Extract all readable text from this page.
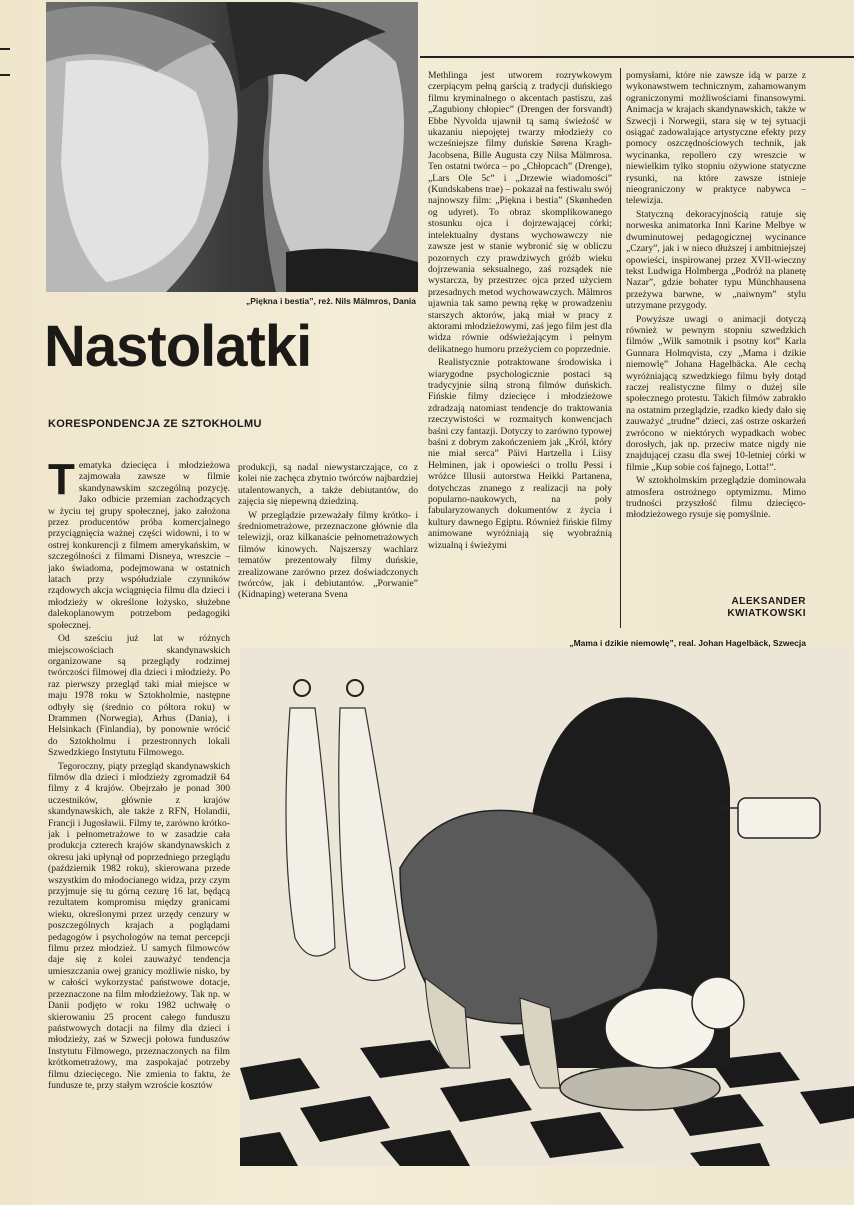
„Piękna i bestia”, reż. Nils Mälmros, Dania
Nastolatki
KORESPONDENCJA ZE SZTOKHOLMU

Tematyka dziecięca i młodzieżowa zajmowała zawsze w filmie skandynawskim szczególną pozycję. Jako odbicie przemian zachodzących w życiu tej grupy społecznej, jako założona przez producentów próba komercjalnego przyciągnięcia ważnej części widowni, i to w ostrej konkurencji z filmem amerykańskim, w szczególności z filmami Disneya, wreszcie – jako świadoma, podejmowana w ostatnich latach przy współudziale czynników rządowych akcja wciągnięcia filmu dla dzieci i młodzieży w określone łożysko, służebne dalekoplanowym potrzebom pedagogiki społecznej.

Od sześciu już lat w różnych miejscowościach skandynawskich organizowane są przeglądy rodzimej twórczości filmowej dla dzieci i młodzieży. Po raz pierwszy przegląd taki miał miejsce w maju 1978 roku w Sztokholmie, następne odbyły się (średnio co półtora roku) w Drammen (Norwegia), Arhus (Dania), i Helsinkach (Finlandia), by ponownie wrócić do Sztokholmu i przestronnych lokali Szwedzkiego Instytutu Filmowego.

Tegoroczny, piąty przegląd skandynawskich filmów dla dzieci i młodzieży zgromadził 64 filmy z 4 krajów. Obejrzało je ponad 300 uczestników, głównie z krajów skandynawskich, ale także z RFN, Holandii, Francji i Jugosławii. Filmy te, zarówno krótko- jak i pełnometrażowe to w zasadzie cała produkcja czterech krajów skandynawskich z okresu jaki upłynął od poprzedniego przeglądu (październik 1982 roku), skierowana przede wszystkim do młodocianego widza, przy czym przyjmuje się tu górną cezurę 16 lat, będącą rezultatem kompromisu między granicami wieku, określonymi przez urzędy cenzury w poszczególnych krajach a poglądami pedagogów i psychologów na temat percepcji filmu przez młodzież. U samych filmowców daje się z kolei zauważyć tendencja umieszczania owej granicy możliwie nisko, by w całości wykorzystać państwowe dotacje, przeznaczone na film młodzieżowy. Tak np. w Danii podjęto w roku 1982 uchwałę o skierowaniu 25 procent całego funduszu państwowych dotacji na filmy dla dzieci i młodzieży, zaś w Szwecji połowa funduszów Instytutu Filmowego, przeznaczonych na film krótkometrażowy, ma zaspokajać potrzeby filmu dziecięcego. Nie zmienia to faktu, że fundusze te, przy stałym wzroście kosztów

produkcji, są nadal niewystarczające, co z kolei nie zachęca zbytnio twórców najbardziej utalentowanych, a także debiutantów, do zajęcia się niepewną dziedziną.

W przeglądzie przeważały filmy krótko- i średniometrażowe, przeznaczone głównie dla telewizji, oraz kilkanaście pełnometrażowych filmów kinowych. Najszerszy wachlarz tematów prezentowały filmy duńskie, zrealizowane zarówno przez doświadczonych twórców, jak i debiutantów. „Porwanie” (Kidnaping) weterana Svena

Methlinga jest utworem rozrywkowym czerpiącym pełną garścią z tradycji duńskiego filmu kryminalnego o akcentach pastiszu, zaś „Zagubiony chłopiec” (Drengen der forsvandt) Ebbe Nyvolda ujawnił tą samą świeżość w ukazaniu niepojętej twarzy młodzieży co wcześniejsze filmy duńskie Sørena Kragh-Jacobsena, Bille Augusta czy Nilsa Mälmrosa. Ten ostatni twórca – po „Chłopcach” (Drenge), „Lars Ole 5c” i „Drzewie wiadomości” (Kundskabens trae) – pokazał na festiwalu swój najnowszy film: „Piękna i bestia” (Skønheden og udyret). To obraz skomplikowanego stosunku ojca i dojrzewającej córki; intelektualny dystans wychowawczy nie zawsze jest w stanie wybronić się w obliczu pozornych czy prawdziwych gróźb wieku dojrzewania seksualnego, zaś rozsądek nie wystarcza, by przestrzec ojca przed użyciem przesadnych metod wychowawczych. Mälmros ujawnia tak samo pewną rękę w prowadzeniu starszych aktorów, jaką miał w pracy z aktorami młodzieżowymi, zaś jego film jest dla widza równie odświeżającym i pełnym delikatnego humoru przeżyciem co poprzednie.

Realistycznie potraktowane środowiska i wiarygodne psychologicznie postaci są tradycyjnie silną stroną filmów duńskich. Fińskie filmy dziecięce i młodzieżowe zdradzają natomiast tendencje do traktowania rzeczywistości w rozmaitych konwencjach baśni czy fantazji. Dotyczy to zarówno typowej baśni z dobrym zakończeniem jak „Król, który nie miał serca” Päivi Hartzella i Liisy Helminen, jak i opowieści o trollu Pessi i wróżce Illusii autorstwa Heikki Partanena, dotychczas znanego z realizacji na poły popularno-naukowych, na poły fabularyzowanych dokumentów z życia i kultury dawnego Egiptu. Również fińskie filmy animowane wyróżniają się wyobraźnią wizualną i świeżymi

pomysłami, które nie zawsze idą w parze z wykonawstwem technicznym, zahamowanym ograniczonymi możliwościami finansowymi. Animacja w krajach skandynawskich, także w Szwecji i Norwegii, stara się w tej sytuacji osiągać zadowalające artystyczne efekty przy pomocy oszczędnościowych technik, jak wycinanka, repollero czy wreszcie w niewielkim tylko stopniu ożywione statyczne rysunki, na które zawsze istnieje nieograniczony w praktyce nabywca – telewizja.

Statyczną dekoracyjnością ratuje się norweska animatorka Inni Karine Melbye w dwuminutowej pedagogicznej wycinance „Czary”, jak i w nieco dłuższej i ambitniejszej opowieści, inspirowanej przez XVII-wieczny tekst Ludwiga Holmberga „Podróż na planetę Nazar”, gdzie bohater typu Münchhausena przeżywa barwne, w „naiwnym” stylu utrzymane przygody.

Powyższe uwagi o animacji dotyczą również w pewnym stopniu szwedzkich filmów „Wilk samotnik i psotny kot” Karla Gunnara Holmqvista, czy „Mama i dzikie niemowlę” Johana Hagelbäcka. Ale cechą wyróżniającą szwedzkiego filmu były dotąd raczej realistyczne filmy o dużej sile społecznego protestu. Takich filmów zabrakło na ostatnim przeglądzie, rzadko kiedy dało się zauważyć „trudne” dzieci, zaś ostrze oskarżeń zwrócono w niektórych wypadkach wobec dorosłych, jak np. przeciw matce nigdy nie znajdującej czasu dla swej 10-letniej córki w filmie „Kup sobie coś fajnego, Lotta!”.

W sztokholmskim przeglądzie dominowała atmosfera ostrożnego optymizmu. Mimo trudności przyszłość filmu dziecięco-młodzieżowego rysuje się pomyślnie.

ALEKSANDER
KWIATKOWSKI
„Mama i dzikie niemowlę”, real. Johan Hagelbäck, Szwecja
